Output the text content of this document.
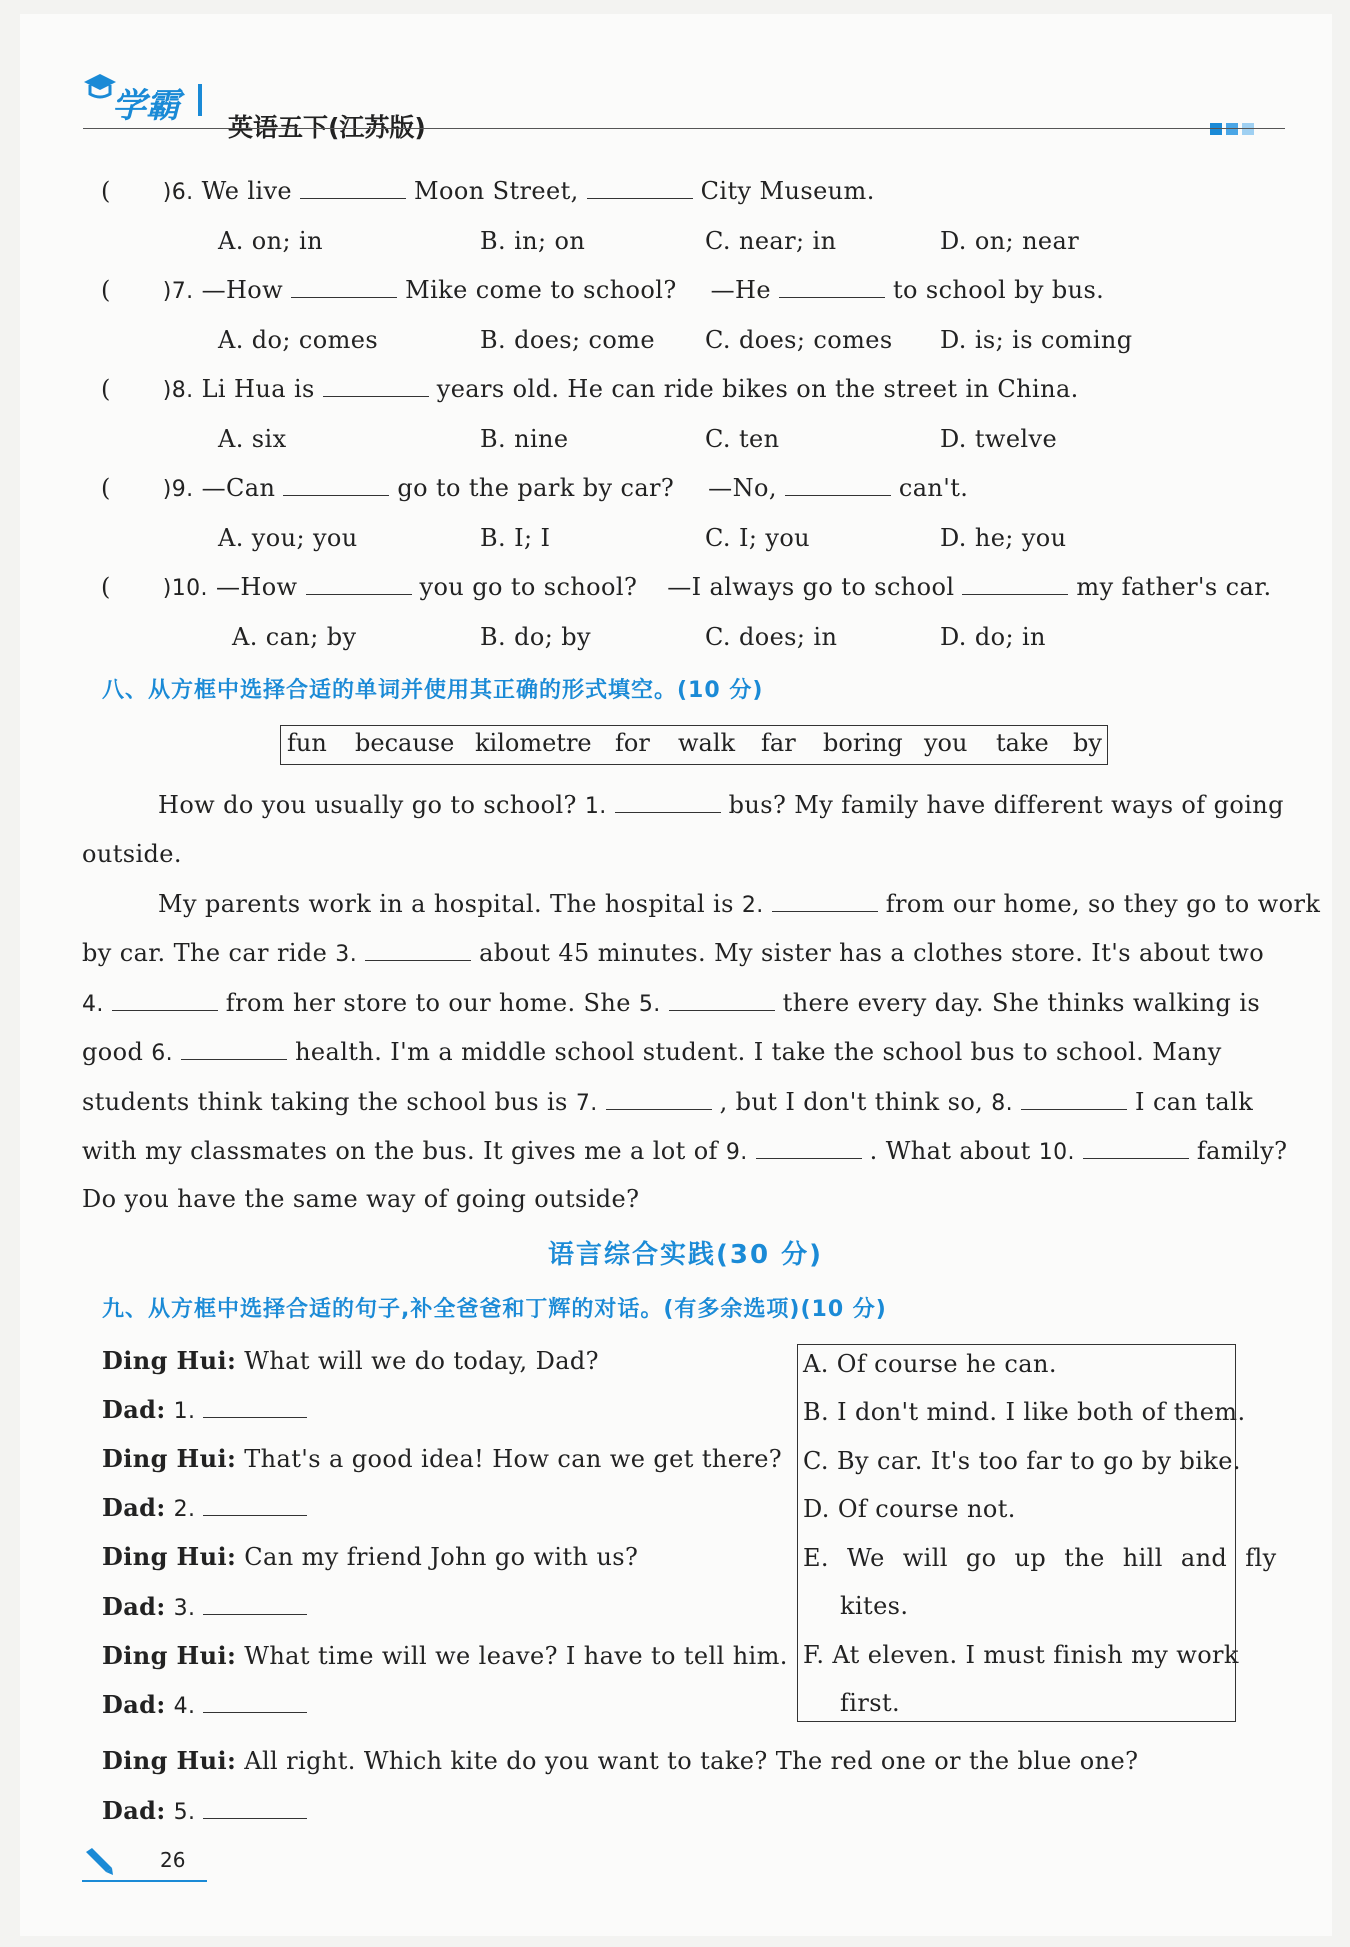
学霸
英语五下(江苏版)
( )6. We live	Moon Street,	City Museum.
A. on; in	B. in; on	C. near; in	D. on; near
( )7. —How	Mike come to school? —He	to school by bus.
A. do; comes	B. does; come C. does; comes D. is; is coming
( )8. Li Hua is	years old. He can ride bikes on the street in China.
A. six	B. nine	C. ten	D. twelve
( )9. —Can	go to the park by car? —No,	can't.
A. you; you	B. I; I	C. I; you	D. he; you
( )10. —How	you go to school? —I always go to school	my father's car.
A. can; by	B. do; by	C. does; in	D. do; in
八、从方框中选择合适的单词并使用其正确的形式填空。(10 分)
fun because kilometre for walk far boring you take by
How do you usually go to school? 1.	bus? My family have different ways of going
outside.
My parents work in a hospital. The hospital is 2.	from our home, so they go to work
by car. The car ride 3.	about 45 minutes. My sister has a clothes store. It's about two
4.	from her store to our home. She 5.	there every day. She thinks walking is
good 6.	health. I'm a middle school student. I take the school bus to school. Many
students think taking the school bus is 7.	, but I don't think so, 8.	I can talk
with my classmates on the bus. It gives me a lot of 9.	. What about 10.	family?
Do you have the same way of going outside?
语言综合实践(30 分)
九、从方框中选择合适的句子,补全爸爸和丁辉的对话。(有多余选项)(10 分)
Ding Hui: What will we do today, Dad?
Dad: 1.
Ding Hui: That's a good idea! How can we get there?
Dad: 2.
Ding Hui: Can my friend John go with us?
Dad: 3.
Ding Hui: What time will we leave? I have to tell him.
Dad: 4.
Ding Hui: All right. Which kite do you want to take? The red one or the blue one?
Dad: 5.
A. Of course he can.
B. I don't mind. I like both of them.
C. By car. It's too far to go by bike.
D. Of course not.
E. We will go up the hill and fly
kites.
F. At eleven. I must finish my work
first.
26
